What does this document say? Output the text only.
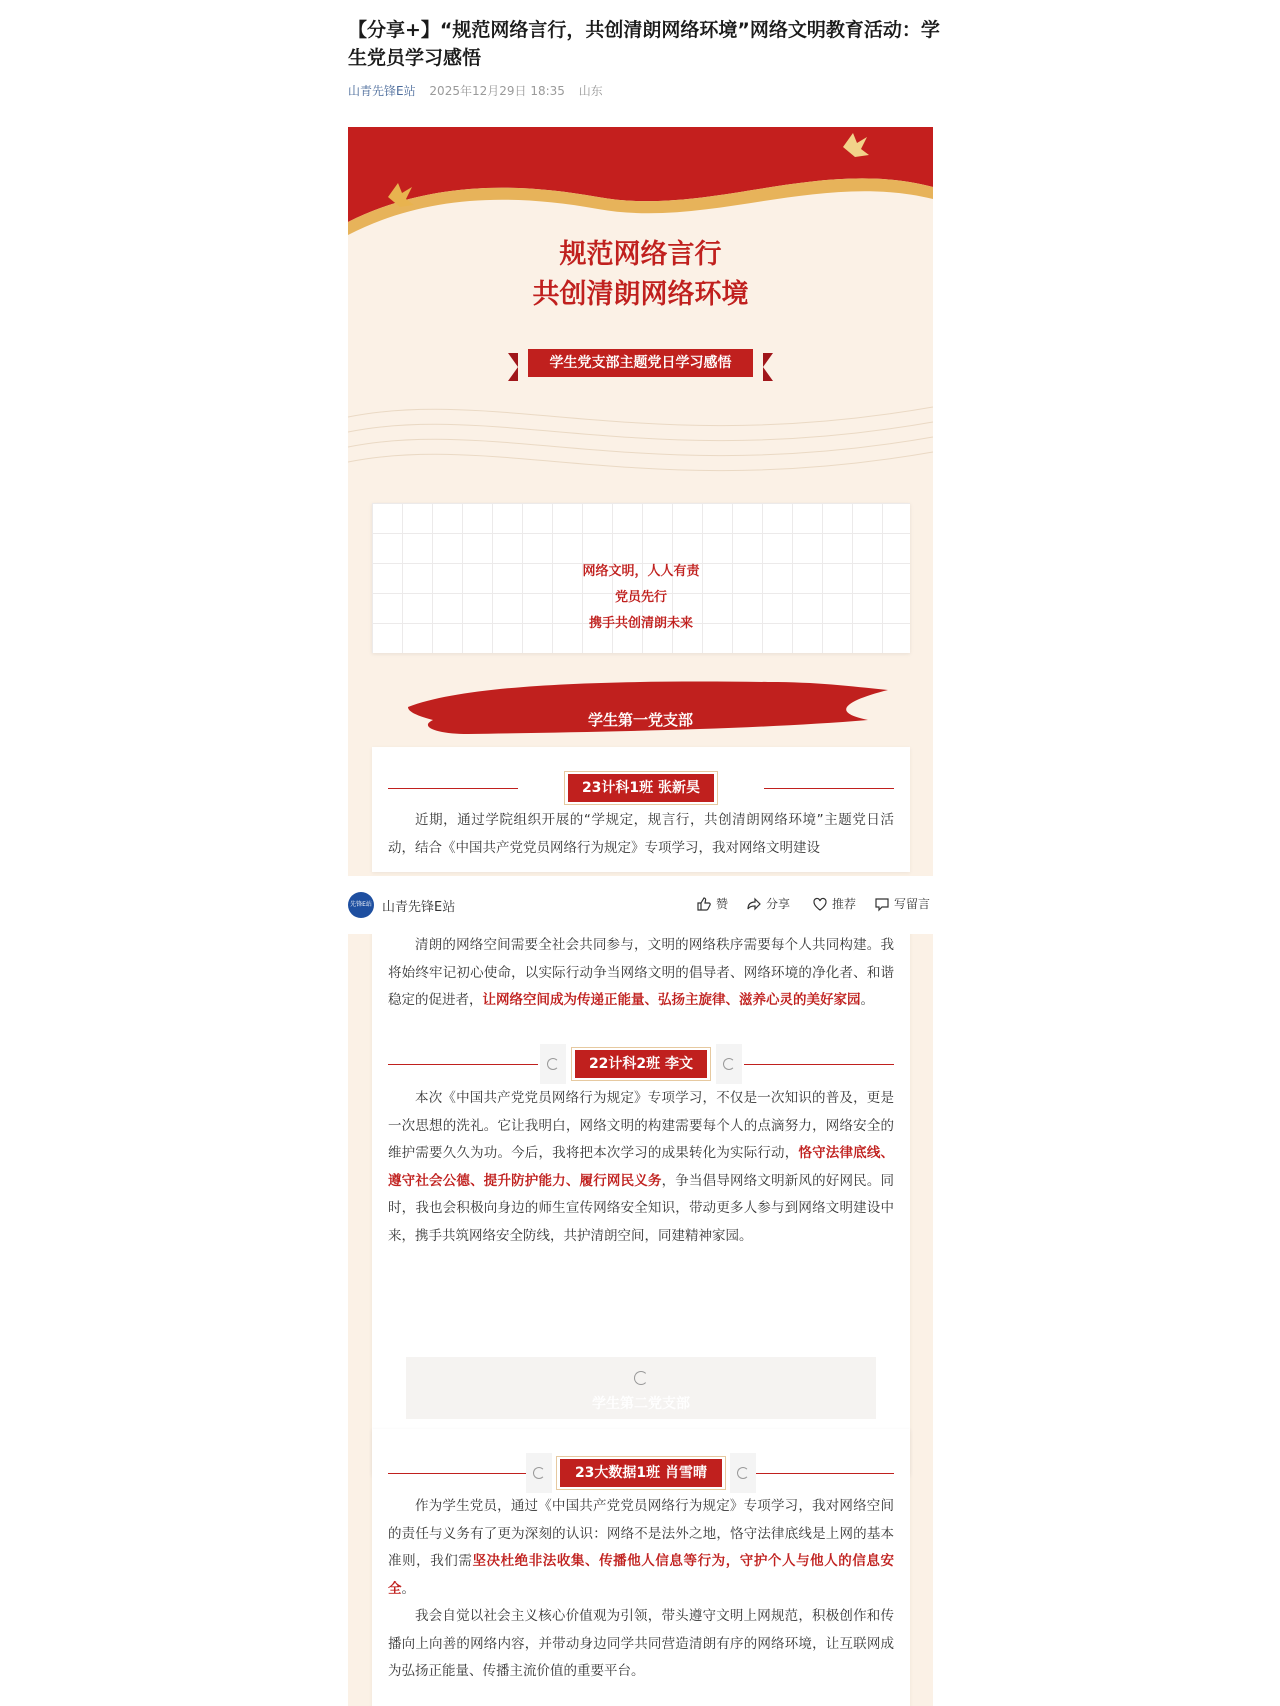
【分享+】“规范网络言行，共创清朗网络环境”网络文明教育活动：学生党员学习感悟
山青先锋E站 2025年12月29日 18:35 山东
规范网络言行
共创清朗网络环境
学生党支部主题党日学习感悟
网络文明，人人有责
党员先行
携手共创清朗未来
学生第一党支部
23计科1班 张新昊
近期，通过学院组织开展的“学规定，规言行，共创清朗网络环境”主题党日活动，结合《中国共产党党员网络行为规定》专项学习，我对网络文明建设
清朗的网络空间需要全社会共同参与，文明的网络秩序需要每个人共同构建。我将始终牢记初心使命，以实际行动争当网络文明的倡导者、网络环境的净化者、和谐稳定的促进者，让网络空间成为传递正能量、弘扬主旋律、滋养心灵的美好家园。
22计科2班 李文
本次《中国共产党党员网络行为规定》专项学习，不仅是一次知识的普及，更是一次思想的洗礼。它让我明白，网络文明的构建需要每个人的点滴努力，网络安全的维护需要久久为功。今后，我将把本次学习的成果转化为实际行动，恪守法律底线、遵守社会公德、提升防护能力、履行网民义务，争当倡导网络文明新风的好网民。同时，我也会积极向身边的师生宣传网络安全知识，带动更多人参与到网络文明建设中来，携手共筑网络安全防线，共护清朗空间，同建精神家园。
学生第二党支部
23大数据1班 肖雪晴
作为学生党员，通过《中国共产党党员网络行为规定》专项学习，我对网络空间的责任与义务有了更为深刻的认识：网络不是法外之地，恪守法律底线是上网的基本准则，我们需坚决杜绝非法收集、传播他人信息等行为，守护个人与他人的信息安全。
我会自觉以社会主义核心价值观为引领，带头遵守文明上网规范，积极创作和传播向上向善的网络内容，并带动身边同学共同营造清朗有序的网络环境，让互联网成为弘扬正能量、传播主流价值的重要平台。
先锋E站 山青先锋E站	赞	分享	推荐	写留言
